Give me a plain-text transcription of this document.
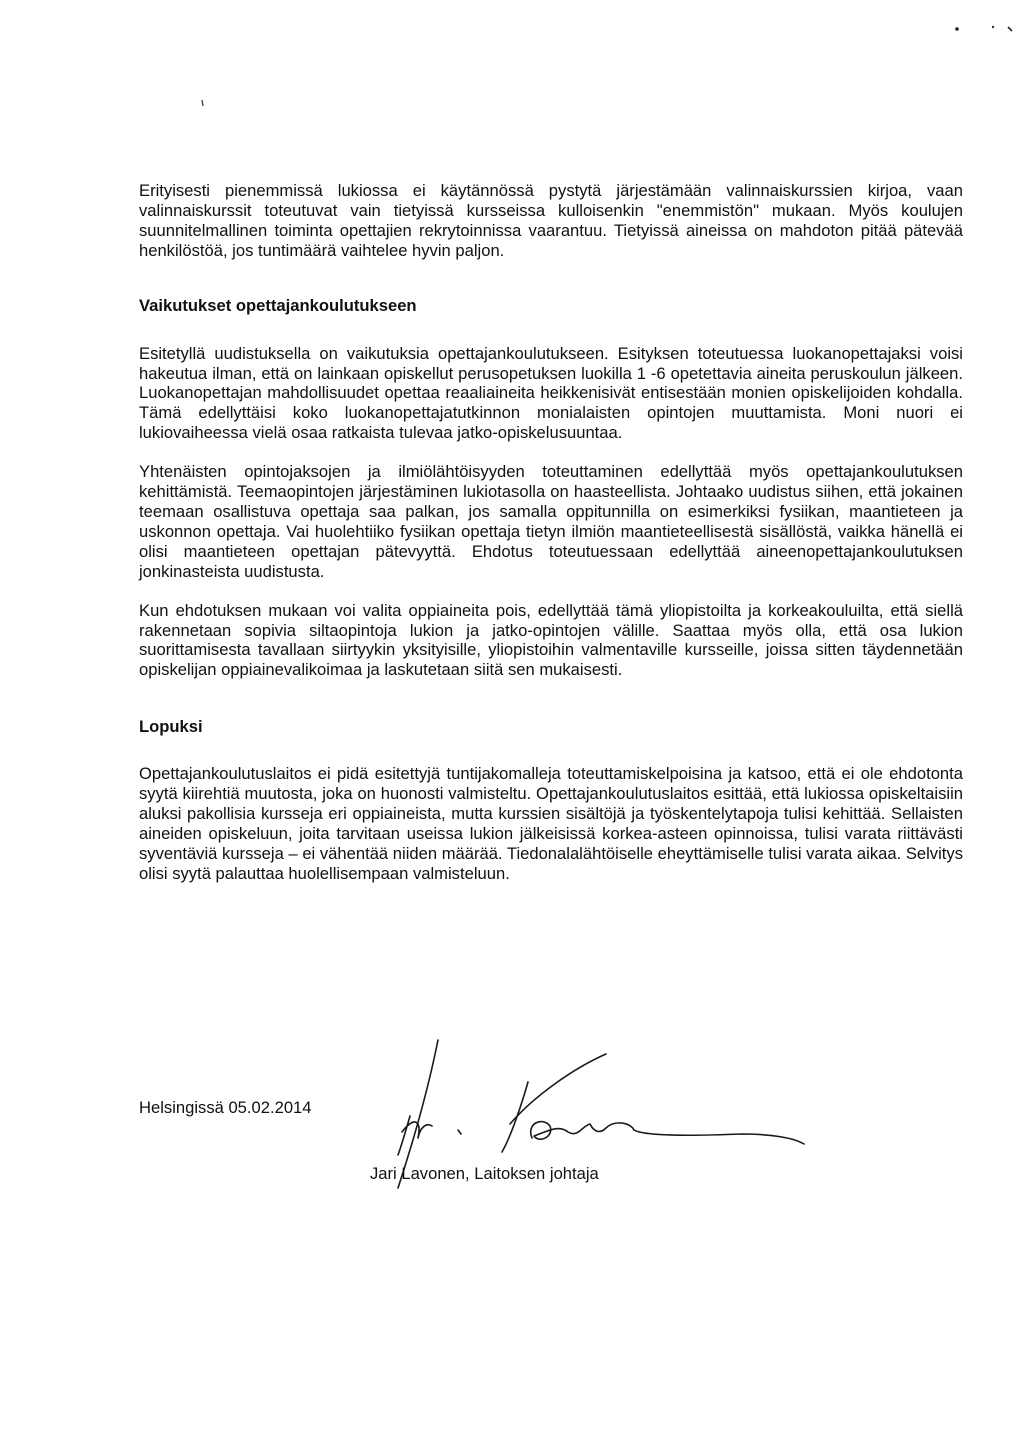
Erityisesti pienemmissä lukiossa ei käytännössä pystytä järjestämään valinnaiskurssien kirjoa, vaan valinnaiskurssit toteutuvat vain tietyissä kursseissa kulloisenkin "enemmistön" mukaan. Myös koulujen suunnitelmallinen toiminta opettajien rekrytoinnissa vaarantuu. Tietyissä aineissa on mahdoton pitää pätevää henkilöstöä, jos tuntimäärä vaihtelee hyvin paljon.

Vaikutukset opettajankoulutukseen

Esitetyllä uudistuksella on vaikutuksia opettajankoulutukseen. Esityksen toteutuessa luokanopettajaksi voisi hakeutua ilman, että on lainkaan opiskellut perusopetuksen luokilla 1 -6 opetettavia aineita peruskoulun jälkeen. Luokanopettajan mahdollisuudet opettaa reaaliaineita heikkenisivät entisestään monien opiskelijoiden kohdalla. Tämä edellyttäisi koko luokanopettajatutkinnon monialaisten opintojen muuttamista. Moni nuori ei lukiovaiheessa vielä osaa ratkaista tulevaa jatko-opiskelusuuntaa.

Yhtenäisten opintojaksojen ja ilmiölähtöisyyden toteuttaminen edellyttää myös opettajankoulutuksen kehittämistä. Teemaopintojen järjestäminen lukiotasolla on haasteellista. Johtaako uudistus siihen, että jokainen teemaan osallistuva opettaja saa palkan, jos samalla oppitunnilla on esimerkiksi fysiikan, maantieteen ja uskonnon opettaja. Vai huolehtiiko fysiikan opettaja tietyn ilmiön maantieteellisestä sisällöstä, vaikka hänellä ei olisi maantieteen opettajan pätevyyttä. Ehdotus toteutuessaan edellyttää aineenopettajankoulutuksen jonkinasteista uudistusta.

Kun ehdotuksen mukaan voi valita oppiaineita pois, edellyttää tämä yliopistoilta ja korkeakouluilta, että siellä rakennetaan sopivia siltaopintoja lukion ja jatko-opintojen välille. Saattaa myös olla, että osa lukion suorittamisesta tavallaan siirtyykin yksityisille, yliopistoihin valmentaville kursseille, joissa sitten täydennetään opiskelijan oppiainevalikoimaa ja laskutetaan siitä sen mukaisesti.

Lopuksi

Opettajankoulutuslaitos ei pidä esitettyjä tuntijakomalleja toteuttamiskelpoisina ja katsoo, että ei ole ehdotonta syytä kiirehtiä muutosta, joka on huonosti valmisteltu. Opettajankoulutuslaitos esittää, että lukiossa opiskeltaisiin aluksi pakollisia kursseja eri oppiaineista, mutta kurssien sisältöjä ja työskentelytapoja tulisi kehittää. Sellaisten aineiden opiskeluun, joita tarvitaan useissa lukion jälkeisissä korkea-asteen opinnoissa, tulisi varata riittävästi syventäviä kursseja – ei vähentää niiden määrää. Tiedonalalähtöiselle eheyttämiselle tulisi varata aikaa. Selvitys olisi syytä palauttaa huolellisempaan valmisteluun.

Helsingissä 05.02.2014

Jari Lavonen, Laitoksen johtaja
